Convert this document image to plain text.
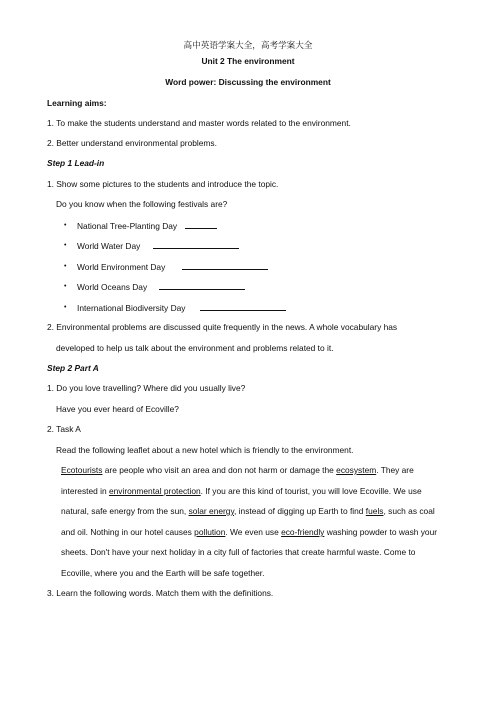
高中英语学案大全，高考学案大全
Unit 2 The environment
Word power: Discussing the environment
Learning aims:
1. To make the students understand and master words related to the environment.
2. Better understand environmental problems.
Step 1 Lead-in
1. Show some pictures to the students and introduce the topic.
Do you know when the following festivals are?
• National Tree-Planting Day
• World Water Day
• World Environment Day
• World Oceans Day
• International Biodiversity Day
2. Environmental problems are discussed quite frequently in the news. A whole vocabulary has
developed to help us talk about the environment and problems related to it.
Step 2 Part A
1. Do you love travelling? Where did you usually live?
Have you ever heard of Ecoville?
2. Task A
Read the following leaflet about a new hotel which is friendly to the environment.
Ecotourists are people who visit an area and don not harm or damage the ecosystem. They are
interested in environmental protection. If you are this kind of tourist, you will love Ecoville. We use
natural, safe energy from the sun, solar energy, instead of digging up Earth to find fuels, such as coal
and oil. Nothing in our hotel causes pollution. We even use eco-friendly washing powder to wash your
sheets. Don't have your next holiday in a city full of factories that create harmful waste. Come to
Ecoville, where you and the Earth will be safe together.
3. Learn the following words. Match them with the definitions.
